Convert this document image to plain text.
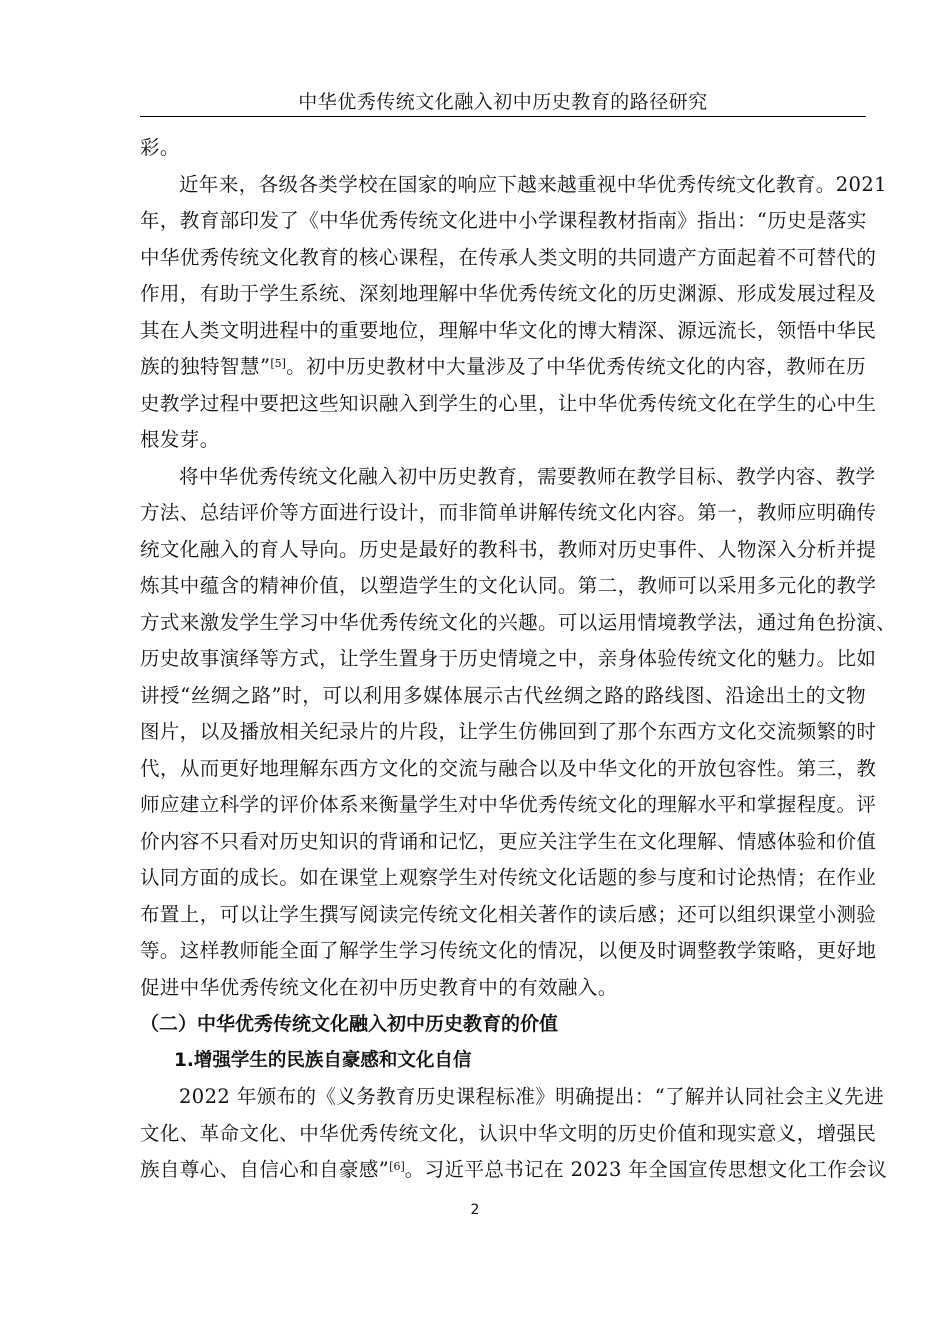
中华优秀传统文化融入初中历史教育的路径研究
彩。
近年来，各级各类学校在国家的响应下越来越重视中华优秀传统文化教育。2021
年，教育部印发了《中华优秀传统文化进中小学课程教材指南》指出：“历史是落实
中华优秀传统文化教育的核心课程，在传承人类文明的共同遗产方面起着不可替代的
作用，有助于学生系统、深刻地理解中华优秀传统文化的历史渊源、形成发展过程及
其在人类文明进程中的重要地位，理解中华文化的博大精深、源远流长，领悟中华民
族的独特智慧”[5]。初中历史教材中大量涉及了中华优秀传统文化的内容，教师在历
史教学过程中要把这些知识融入到学生的心里，让中华优秀传统文化在学生的心中生
根发芽。
将中华优秀传统文化融入初中历史教育，需要教师在教学目标、教学内容、教学
方法、总结评价等方面进行设计，而非简单讲解传统文化内容。第一，教师应明确传
统文化融入的育人导向。历史是最好的教科书，教师对历史事件、人物深入分析并提
炼其中蕴含的精神价值，以塑造学生的文化认同。第二，教师可以采用多元化的教学
方式来激发学生学习中华优秀传统文化的兴趣。可以运用情境教学法，通过角色扮演、
历史故事演绎等方式，让学生置身于历史情境之中，亲身体验传统文化的魅力。比如
讲授“丝绸之路”时，可以利用多媒体展示古代丝绸之路的路线图、沿途出土的文物
图片，以及播放相关纪录片的片段，让学生仿佛回到了那个东西方文化交流频繁的时
代，从而更好地理解东西方文化的交流与融合以及中华文化的开放包容性。第三，教
师应建立科学的评价体系来衡量学生对中华优秀传统文化的理解水平和掌握程度。评
价内容不只看对历史知识的背诵和记忆，更应关注学生在文化理解、情感体验和价值
认同方面的成长。如在课堂上观察学生对传统文化话题的参与度和讨论热情；在作业
布置上，可以让学生撰写阅读完传统文化相关著作的读后感；还可以组织课堂小测验
等。这样教师能全面了解学生学习传统文化的情况，以便及时调整教学策略，更好地
促进中华优秀传统文化在初中历史教育中的有效融入。
（二）中华优秀传统文化融入初中历史教育的价值
1.增强学生的民族自豪感和文化自信
2022 年颁布的《义务教育历史课程标准》明确提出：“了解并认同社会主义先进
文化、革命文化、中华优秀传统文化，认识中华文明的历史价值和现实意义，增强民
族自尊心、自信心和自豪感”[6]。习近平总书记在 2023 年全国宣传思想文化工作会议
2
